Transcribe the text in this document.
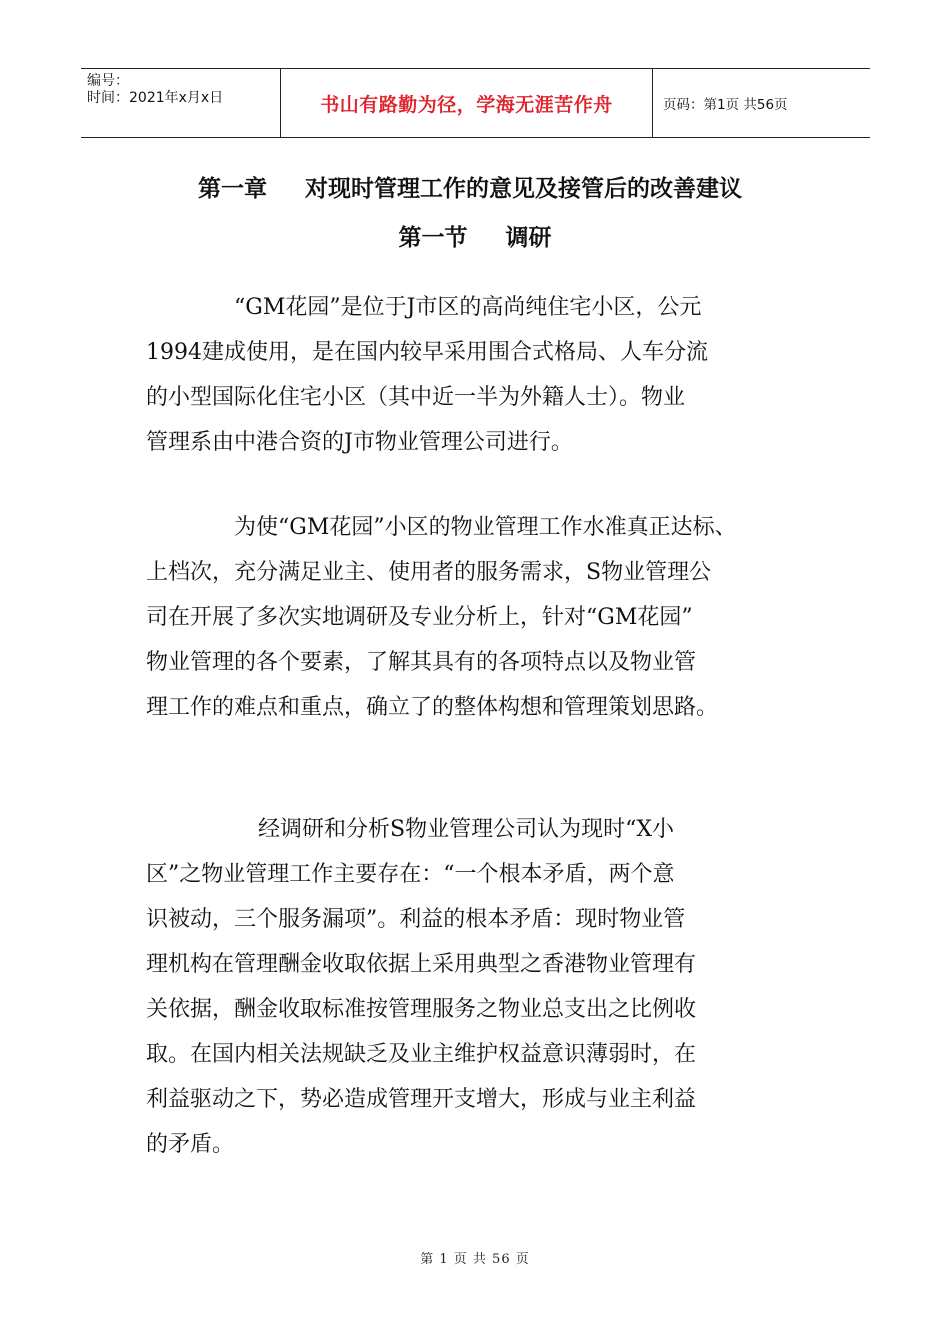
编号：
时间：2021年x月x日	书山有路勤为径，学海无涯苦作舟	页码：第1页 共56页
第一章 对现时管理工作的意见及接管后的改善建议
第一节 调研
“GM花园”是位于J市区的高尚纯住宅小区，公元
1994建成使用，是在国内较早采用围合式格局、人车分流
的小型国际化住宅小区（其中近一半为外籍人士）。物业
管理系由中港合资的J市物业管理公司进行。
为使“GM花园”小区的物业管理工作水准真正达标、
上档次，充分满足业主、使用者的服务需求，S物业管理公
司在开展了多次实地调研及专业分析上，针对“GM花园”
物业管理的各个要素，了解其具有的各项特点以及物业管
理工作的难点和重点，确立了的整体构想和管理策划思路。
经调研和分析S物业管理公司认为现时“X小
区”之物业管理工作主要存在：“一个根本矛盾，两个意
识被动，三个服务漏项”。利益的根本矛盾：现时物业管
理机构在管理酬金收取依据上采用典型之香港物业管理有
关依据，酬金收取标准按管理服务之物业总支出之比例收
取。在国内相关法规缺乏及业主维护权益意识薄弱时，在
利益驱动之下，势必造成管理开支增大，形成与业主利益
的矛盾。
第 1 页 共 56 页
